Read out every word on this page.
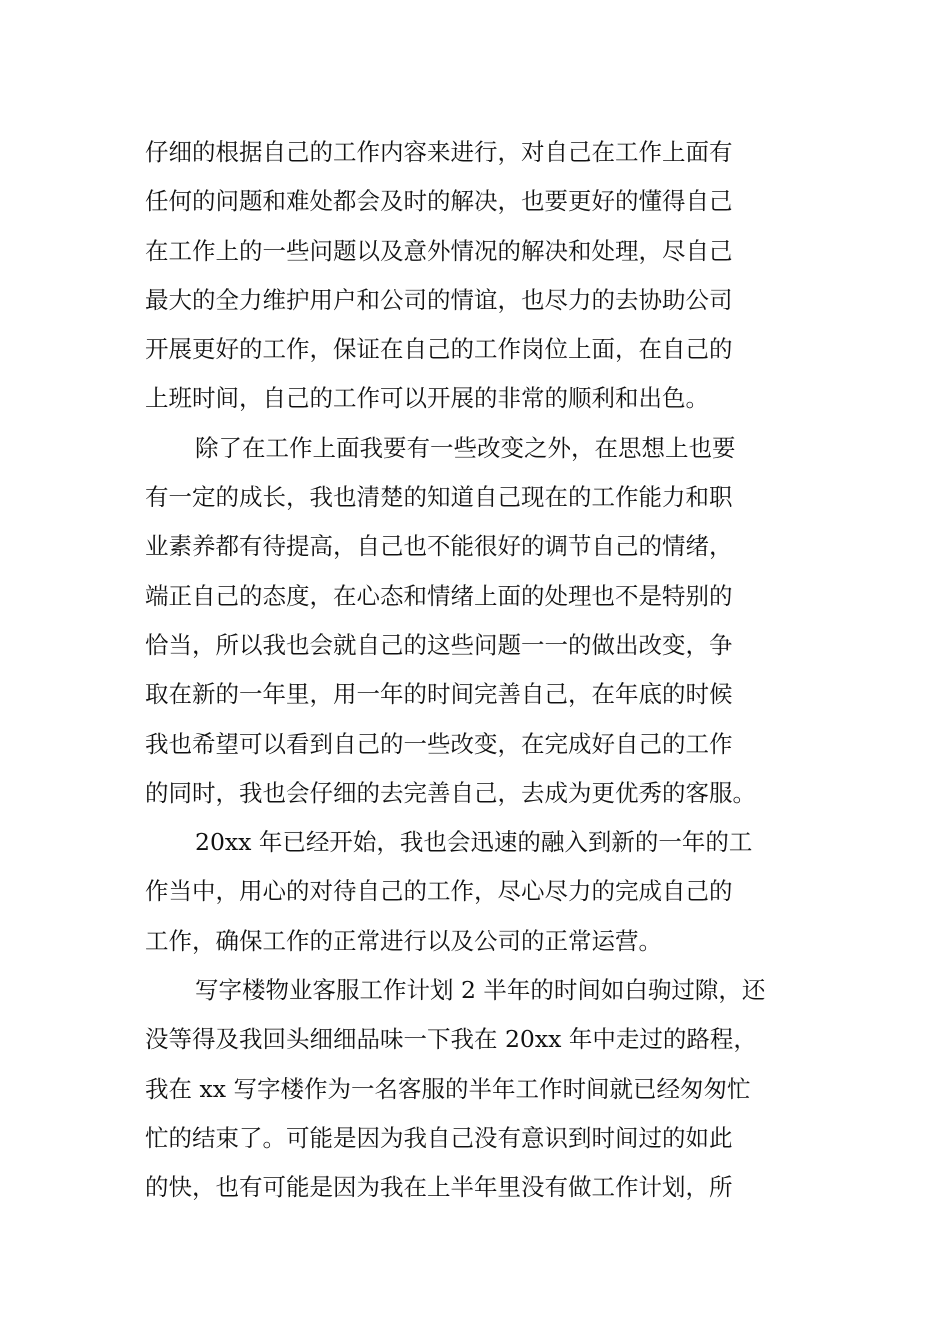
仔细的根据自己的工作内容来进行，对自己在工作上面有
任何的问题和难处都会及时的解决，也要更好的懂得自己
在工作上的一些问题以及意外情况的解决和处理，尽自己
最大的全力维护用户和公司的情谊，也尽力的去协助公司
开展更好的工作，保证在自己的工作岗位上面，在自己的
上班时间，自己的工作可以开展的非常的顺利和出色。
除了在工作上面我要有一些改变之外，在思想上也要
有一定的成长，我也清楚的知道自己现在的工作能力和职
业素养都有待提高，自己也不能很好的调节自己的情绪，
端正自己的态度，在心态和情绪上面的处理也不是特别的
恰当，所以我也会就自己的这些问题一一的做出改变，争
取在新的一年里，用一年的时间完善自己，在年底的时候
我也希望可以看到自己的一些改变，在完成好自己的工作
的同时，我也会仔细的去完善自己，去成为更优秀的客服。
20xx 年已经开始，我也会迅速的融入到新的一年的工
作当中，用心的对待自己的工作，尽心尽力的完成自己的
工作，确保工作的正常进行以及公司的正常运营。
写字楼物业客服工作计划 2 半年的时间如白驹过隙，还
没等得及我回头细细品味一下我在 20xx 年中走过的路程，
我在 xx 写字楼作为一名客服的半年工作时间就已经匆匆忙
忙的结束了。可能是因为我自己没有意识到时间过的如此
的快，也有可能是因为我在上半年里没有做工作计划，所
